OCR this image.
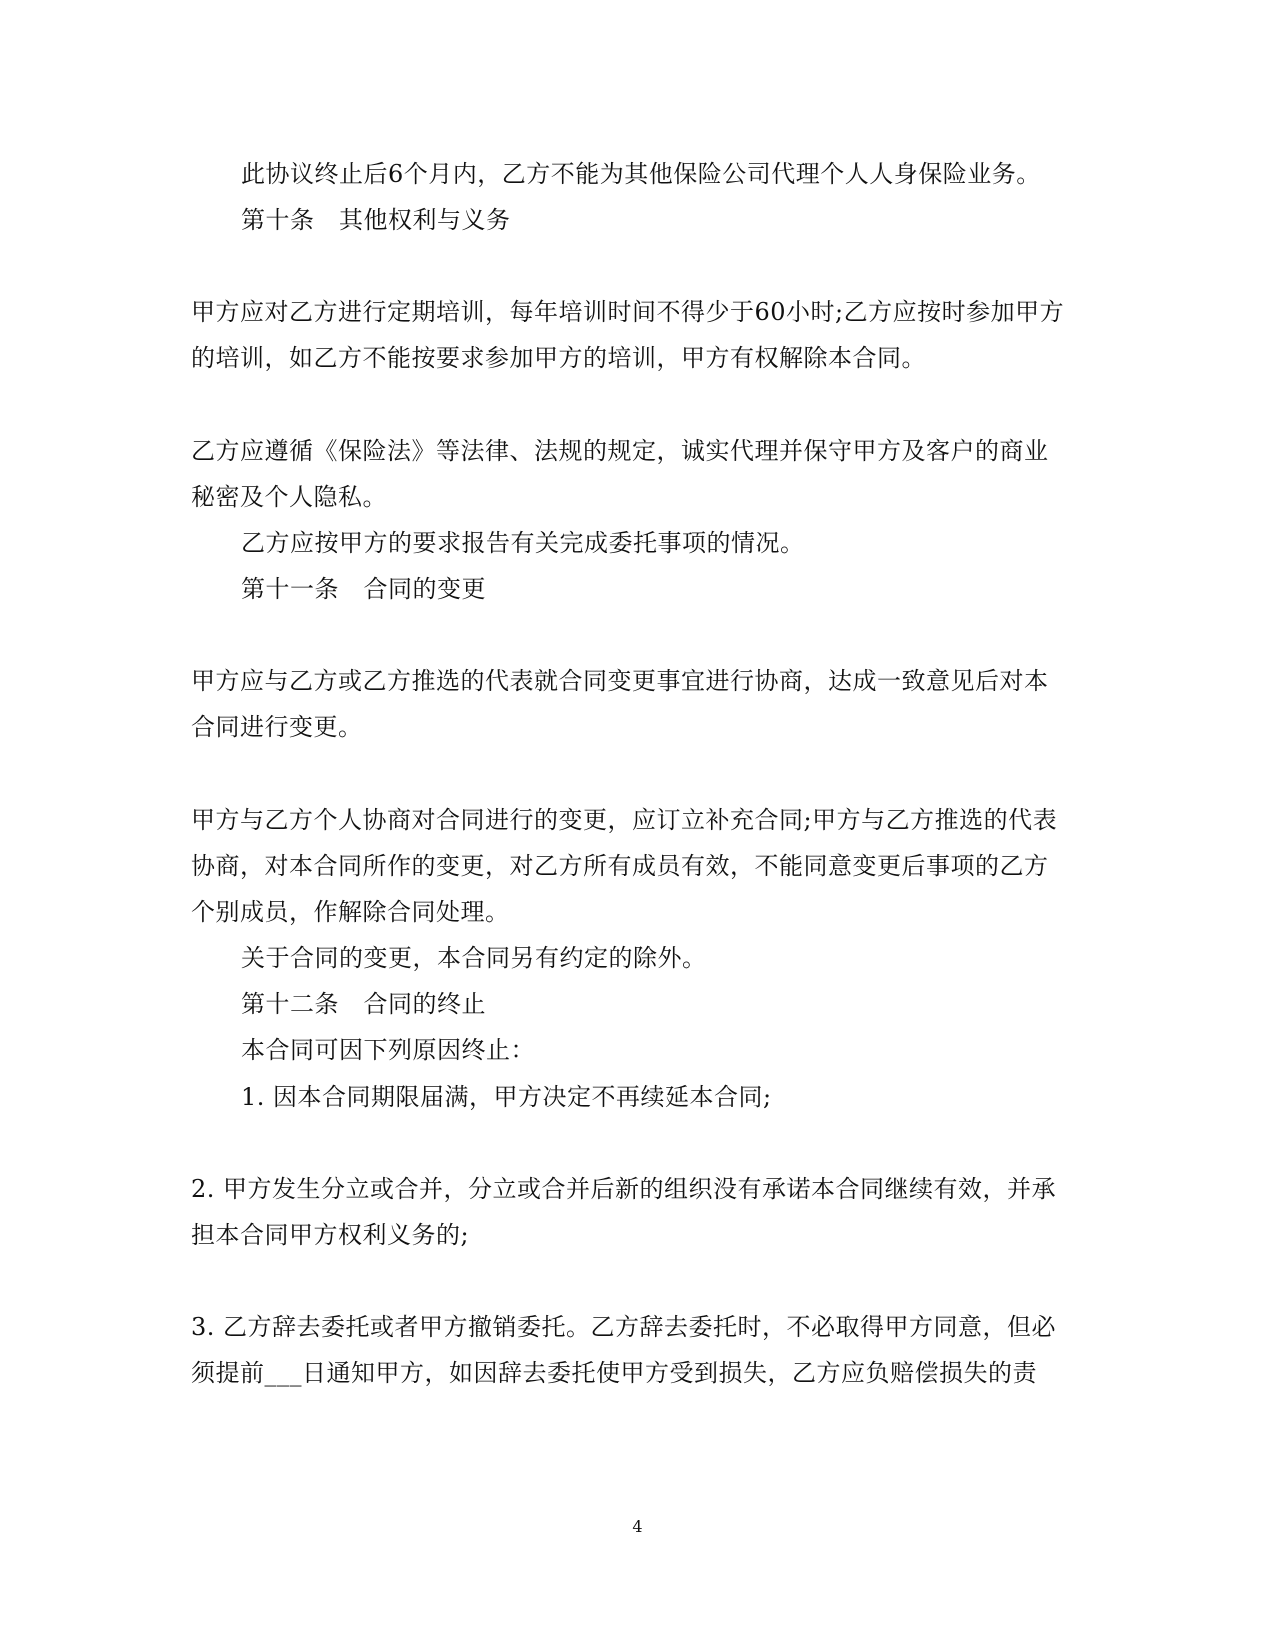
此协议终止后6个月内，乙方不能为其他保险公司代理个人人身保险业务。
第十条　其他权利与义务
甲方应对乙方进行定期培训，每年培训时间不得少于60小时;乙方应按时参加甲方
的培训，如乙方不能按要求参加甲方的培训，甲方有权解除本合同。
乙方应遵循《保险法》等法律、法规的规定，诚实代理并保守甲方及客户的商业
秘密及个人隐私。
乙方应按甲方的要求报告有关完成委托事项的情况。
第十一条　合同的变更
甲方应与乙方或乙方推选的代表就合同变更事宜进行协商，达成一致意见后对本
合同进行变更。
甲方与乙方个人协商对合同进行的变更，应订立补充合同;甲方与乙方推选的代表
协商，对本合同所作的变更，对乙方所有成员有效，不能同意变更后事项的乙方
个别成员，作解除合同处理。
关于合同的变更，本合同另有约定的除外。
第十二条　合同的终止
本合同可因下列原因终止：
1. 因本合同期限届满，甲方决定不再续延本合同;
2. 甲方发生分立或合并，分立或合并后新的组织没有承诺本合同继续有效，并承
担本合同甲方权利义务的;
3. 乙方辞去委托或者甲方撤销委托。乙方辞去委托时，不必取得甲方同意，但必
须提前___日通知甲方，如因辞去委托使甲方受到损失，乙方应负赔偿损失的责
4
